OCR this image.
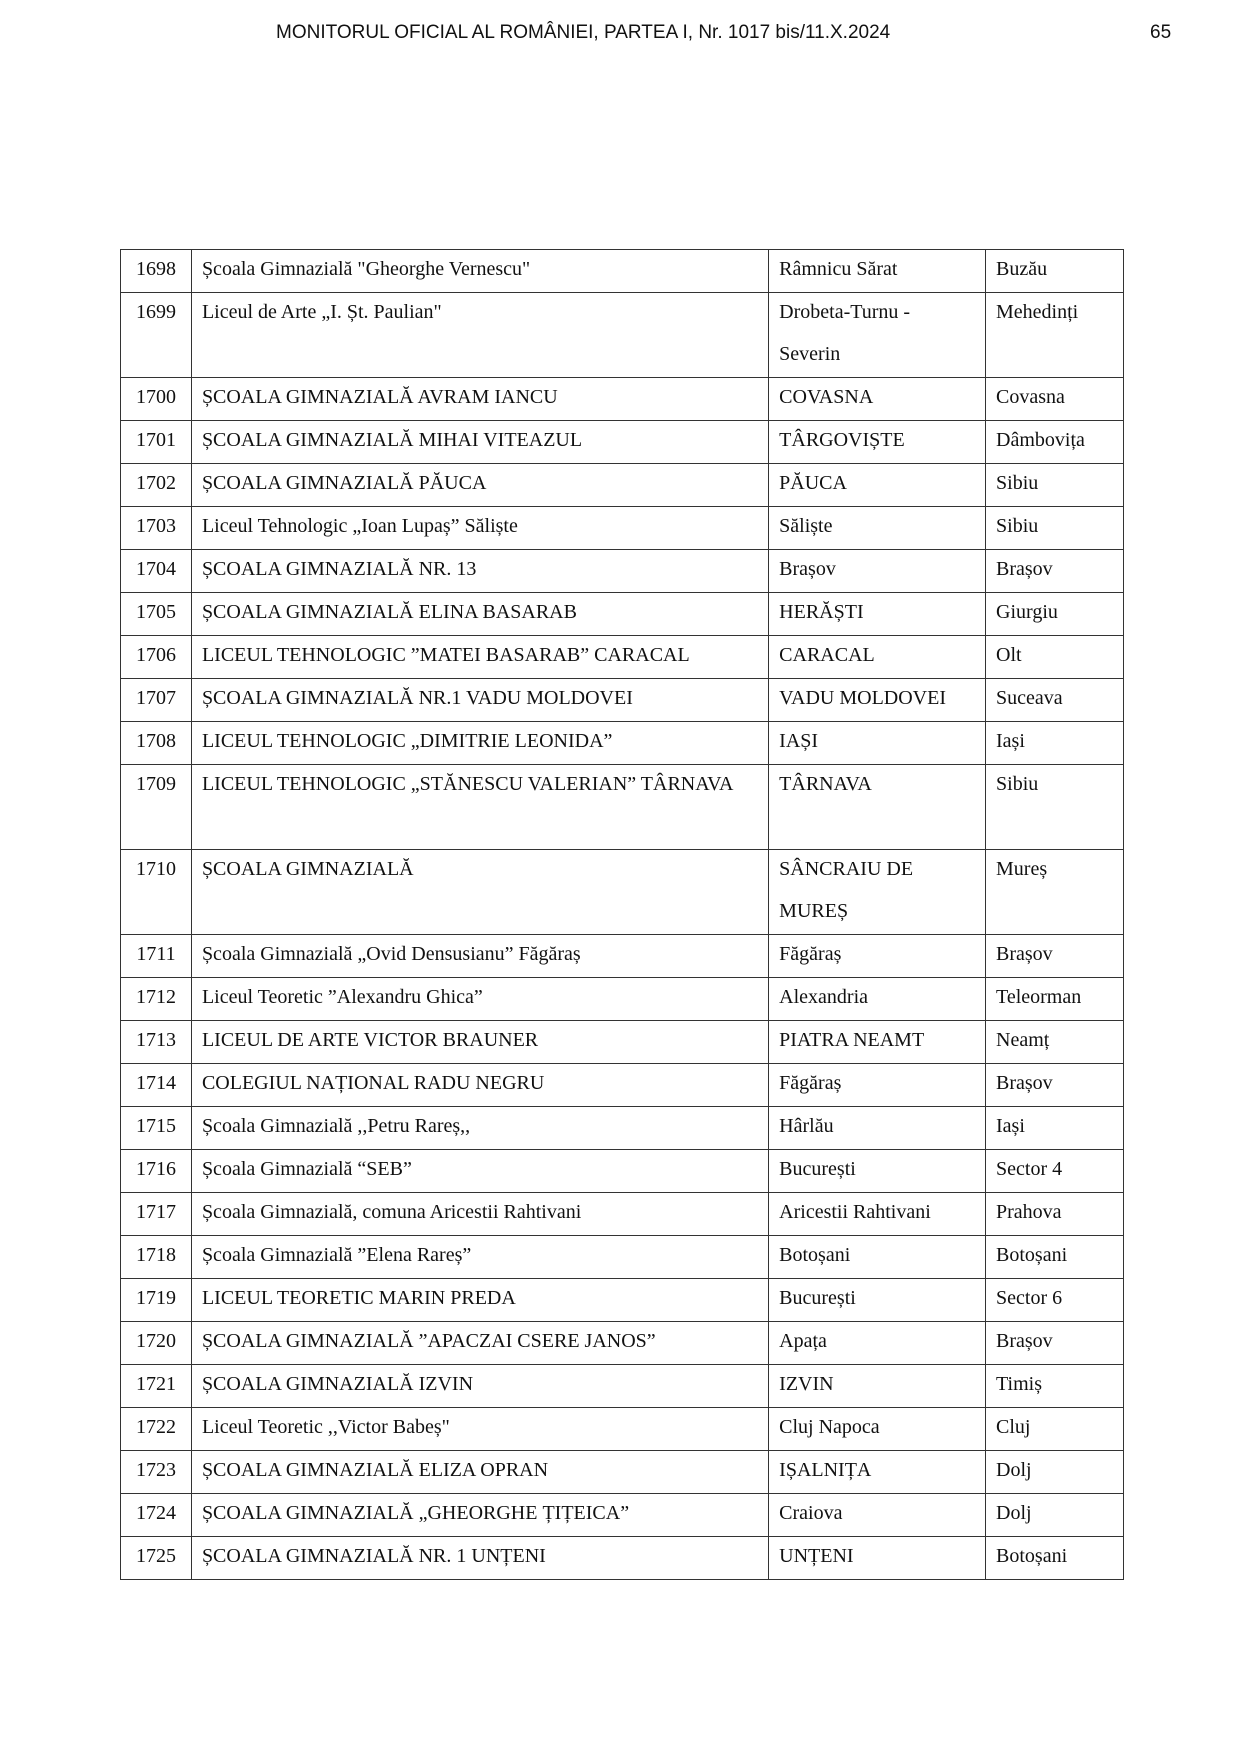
MONITORUL OFICIAL AL ROMÂNIEI, PARTEA I, Nr. 1017 bis/11.X.2024	65
1698	Școala Gimnazială "Gheorghe Vernescu"	Râmnicu Sărat	Buzău

1699	Liceul de Arte „I. Șt. Paulian"	Drobeta-Turnu - Severin	Mehedinți

1700	ȘCOALA GIMNAZIALĂ AVRAM IANCU	COVASNA	Covasna

1701	ȘCOALA GIMNAZIALĂ MIHAI VITEAZUL	TÂRGOVIȘTE	Dâmbovița

1702	ȘCOALA GIMNAZIALĂ PĂUCA	PĂUCA	Sibiu

1703	Liceul Tehnologic „Ioan Lupaș” Săliște	Săliște	Sibiu

1704	ȘCOALA GIMNAZIALĂ NR. 13	Brașov	Brașov

1705	ȘCOALA GIMNAZIALĂ ELINA BASARAB	HERĂȘTI	Giurgiu

1706	LICEUL TEHNOLOGIC ”MATEI BASARAB” CARACAL	CARACAL	Olt

1707	ȘCOALA GIMNAZIALĂ NR.1 VADU MOLDOVEI	VADU MOLDOVEI	Suceava

1708	LICEUL TEHNOLOGIC „DIMITRIE LEONIDA”	IAȘI	Iași

1709	LICEUL TEHNOLOGIC „STĂNESCU VALERIAN” TÂRNAVA	TÂRNAVA	Sibiu

1710	ȘCOALA GIMNAZIALĂ	SÂNCRAIU DE MUREȘ	Mureș

1711	Școala Gimnazială „Ovid Densusianu” Făgăraș	Făgăraș	Brașov

1712	Liceul Teoretic ”Alexandru Ghica”	Alexandria	Teleorman

1713	LICEUL DE ARTE VICTOR BRAUNER	PIATRA NEAMT	Neamț

1714	COLEGIUL NAȚIONAL RADU NEGRU	Făgăraș	Brașov

1715	Școala Gimnazială ,,Petru Rareș,,	Hârlău	Iași

1716	Școala Gimnazială “SEB”	București	Sector 4

1717	Școala Gimnazială, comuna Aricestii Rahtivani	Aricestii Rahtivani	Prahova

1718	Școala Gimnazială ”Elena Rareș”	Botoșani	Botoșani

1719	LICEUL TEORETIC MARIN PREDA	București	Sector 6

1720	ȘCOALA GIMNAZIALĂ ”APACZAI CSERE JANOS”	Apața	Brașov

1721	ȘCOALA GIMNAZIALĂ IZVIN	IZVIN	Timiș

1722	Liceul Teoretic ,,Victor Babeș"	Cluj Napoca	Cluj

1723	ȘCOALA GIMNAZIALĂ ELIZA OPRAN	IȘALNIȚA	Dolj

1724	ȘCOALA GIMNAZIALĂ „GHEORGHE ȚIȚEICA”	Craiova	Dolj

1725	ȘCOALA GIMNAZIALĂ NR. 1 UNȚENI	UNȚENI	Botoșani
